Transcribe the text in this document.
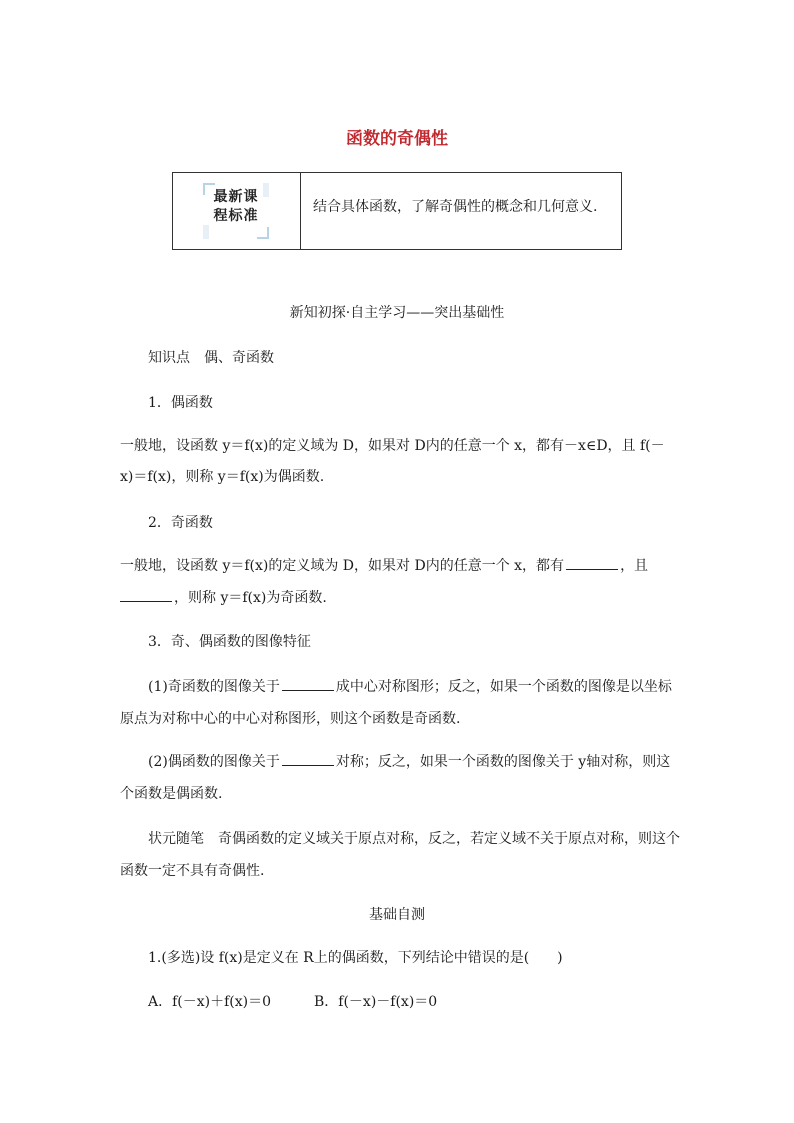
函数的奇偶性
最新课
程标准
结合具体函数，了解奇偶性的概念和几何意义.
新知初探·自主学习——突出基础性
知识点　偶、奇函数
1．偶函数
一般地，设函数 y＝f(x)的定义域为 D，如果对 D内的任意一个 x，都有－x∈D，且 f(－
x)＝f(x)，则称 y＝f(x)为偶函数.
2．奇函数
一般地，设函数 y＝f(x)的定义域为 D，如果对 D内的任意一个 x，都有	，且
，则称 y＝f(x)为奇函数.
3．奇、偶函数的图像特征
(1)奇函数的图像关于	成中心对称图形；反之，如果一个函数的图像是以坐标
原点为对称中心的中心对称图形，则这个函数是奇函数.
(2)偶函数的图像关于	对称；反之，如果一个函数的图像关于 y轴对称，则这
个函数是偶函数.
状元随笔　奇偶函数的定义域关于原点对称，反之，若定义域不关于原点对称，则这个
函数一定不具有奇偶性.
基础自测
1.(多选)设 f(x)是定义在 R上的偶函数，下列结论中错误的是(　　)
A．f(－x)＋f(x)＝0	B．f(－x)－f(x)＝0
